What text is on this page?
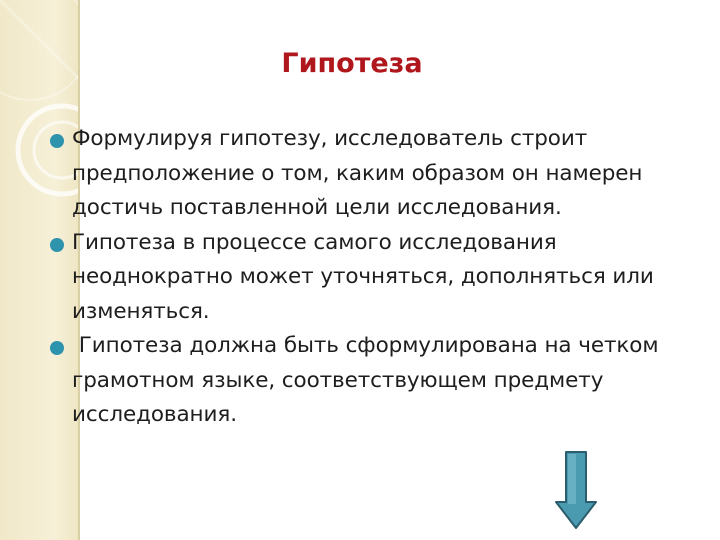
Гипотеза
Формулируя гипотезу, исследователь строит предположение о том, каким образом он намерен достичь поставленной цели исследования.
Гипотеза в процессе самого исследования неоднократно может уточняться, дополняться или изменяться.
Гипотеза должна быть сформулирована на четком грамотном языке, соответствующем предмету исследования.
